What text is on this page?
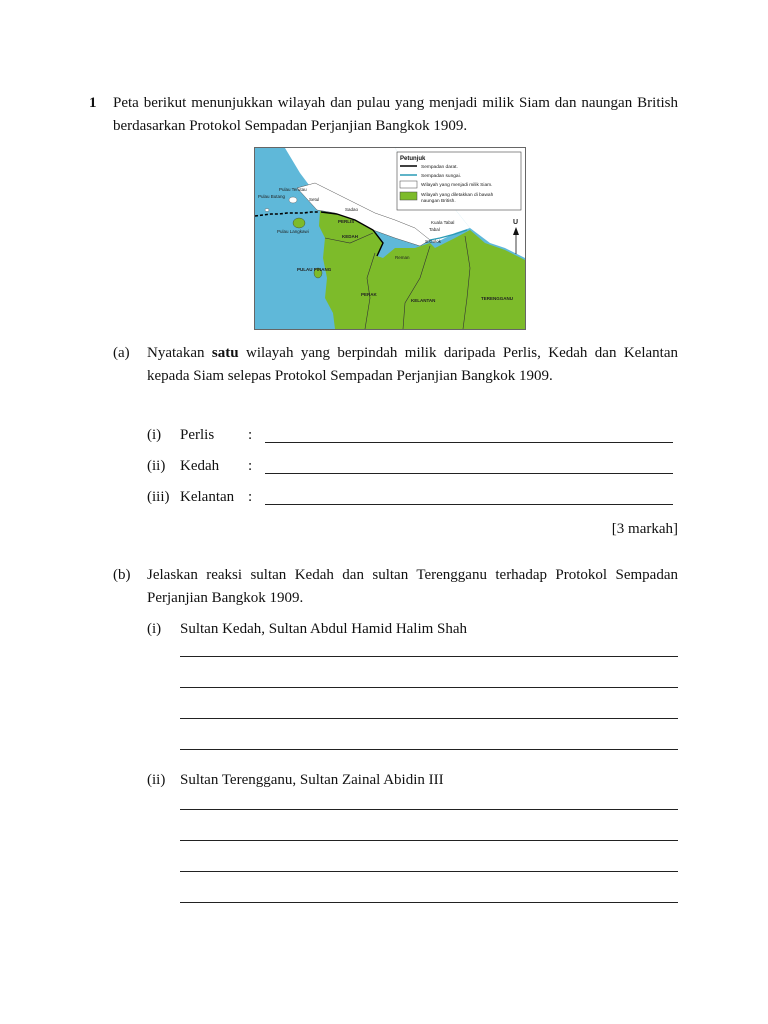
1 Peta berikut menunjukkan wilayah dan pulau yang menjadi milik Siam dan naungan British berdasarkan Protokol Sempadan Perjanjian Bangkok 1909.
Pulau Butang
Pulau Terutau
Setul
Sadao
PERLIS
KEDAH
Pulau Langkawi
Kuala Tabal
Tabal
S.Golok
Reman
PULAU PINANG
PERAK
KELANTAN	TERENGGANU
U
Petunjuk
Sempadan darat.
Sempadan sungai.
Wilayah yang menjadi milik Siam.
Wilayah yang diletakkan di bawah
naungan British.
(a) Nyatakan satu wilayah yang berpindah milik daripada Perlis, Kedah dan Kelantan kepada Siam selepas Protokol Sempadan Perjanjian Bangkok 1909.
(i) Perlis :
(ii) Kedah :
(iii) Kelantan :
[3 markah]
(b) Jelaskan reaksi sultan Kedah dan sultan Terengganu terhadap Protokol Sempadan Perjanjian Bangkok 1909.
(i) Sultan Kedah, Sultan Abdul Hamid Halim Shah
(ii) Sultan Terengganu, Sultan Zainal Abidin III
